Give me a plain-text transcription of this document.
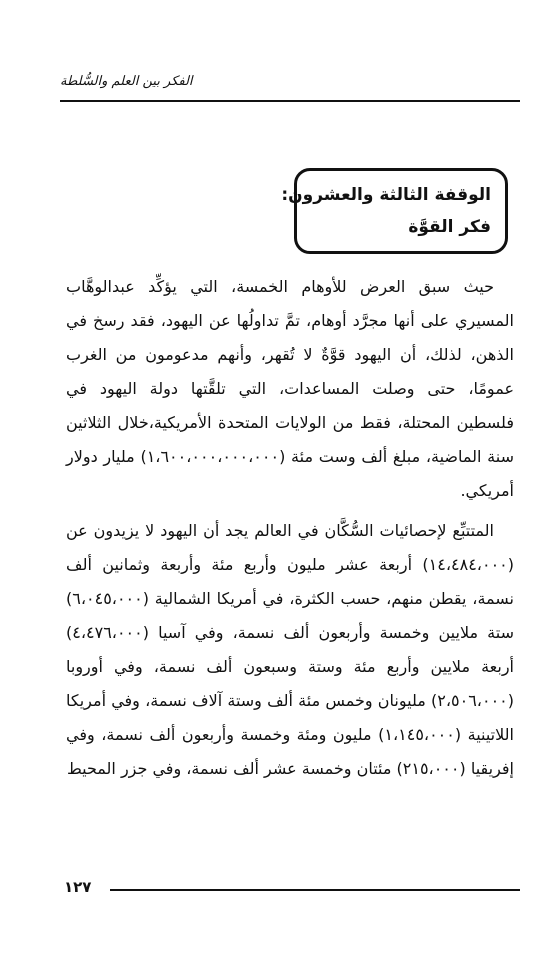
الفكر بين العلم والسُّلطة
الوقفة الثالثة والعشرون:
فكر القوَّة

حيث سبق العرض للأوهام الخمسة، التي يؤكِّد عبدالوهَّاب المسيري على أنها مجرَّد أوهام، تمَّ تداولُها عن اليهود، فقد رسخ في الذهن، لذلك، أن اليهود قوَّةٌ لا تُقهر، وأنهم مدعومون من الغرب عمومًا، حتى وصلت المساعدات، التي تلقَّتها دولة اليهود في فلسطين المحتلة، فقط من الولايات المتحدة الأمريكية،خلال الثلاثين سنة الماضية، مبلغ ألف وست مئة (١،٦٠٠،٠٠٠،٠٠٠،٠٠٠) مليار دولار أمريكي.

المتتبِّع لإحصائيات السُّكَّان في العالم يجد أن اليهود لا يزيدون عن (١٤،٤٨٤،٠٠٠) أربعة عشر مليون وأربع مئة وأربعة وثمانين ألف نسمة، يقطن منهم، حسب الكثرة، في أمريكا الشمالية (٦،٠٤٥،٠٠٠) ستة ملايين وخمسة وأربعون ألف نسمة، وفي آسيا (٤،٤٧٦،٠٠٠) أربعة ملايين وأربع مئة وستة وسبعون ألف نسمة، وفي أوروبا (٢،٥٠٦،٠٠٠) مليونان وخمس مئة ألف وستة آلاف نسمة، وفي أمريكا اللاتينية (١،١٤٥،٠٠٠) مليون ومئة وخمسة وأربعون ألف نسمة، وفي إفريقيا (٢١٥،٠٠٠) مئتان وخمسة عشر ألف نسمة، وفي جزر المحيط

١٢٧
